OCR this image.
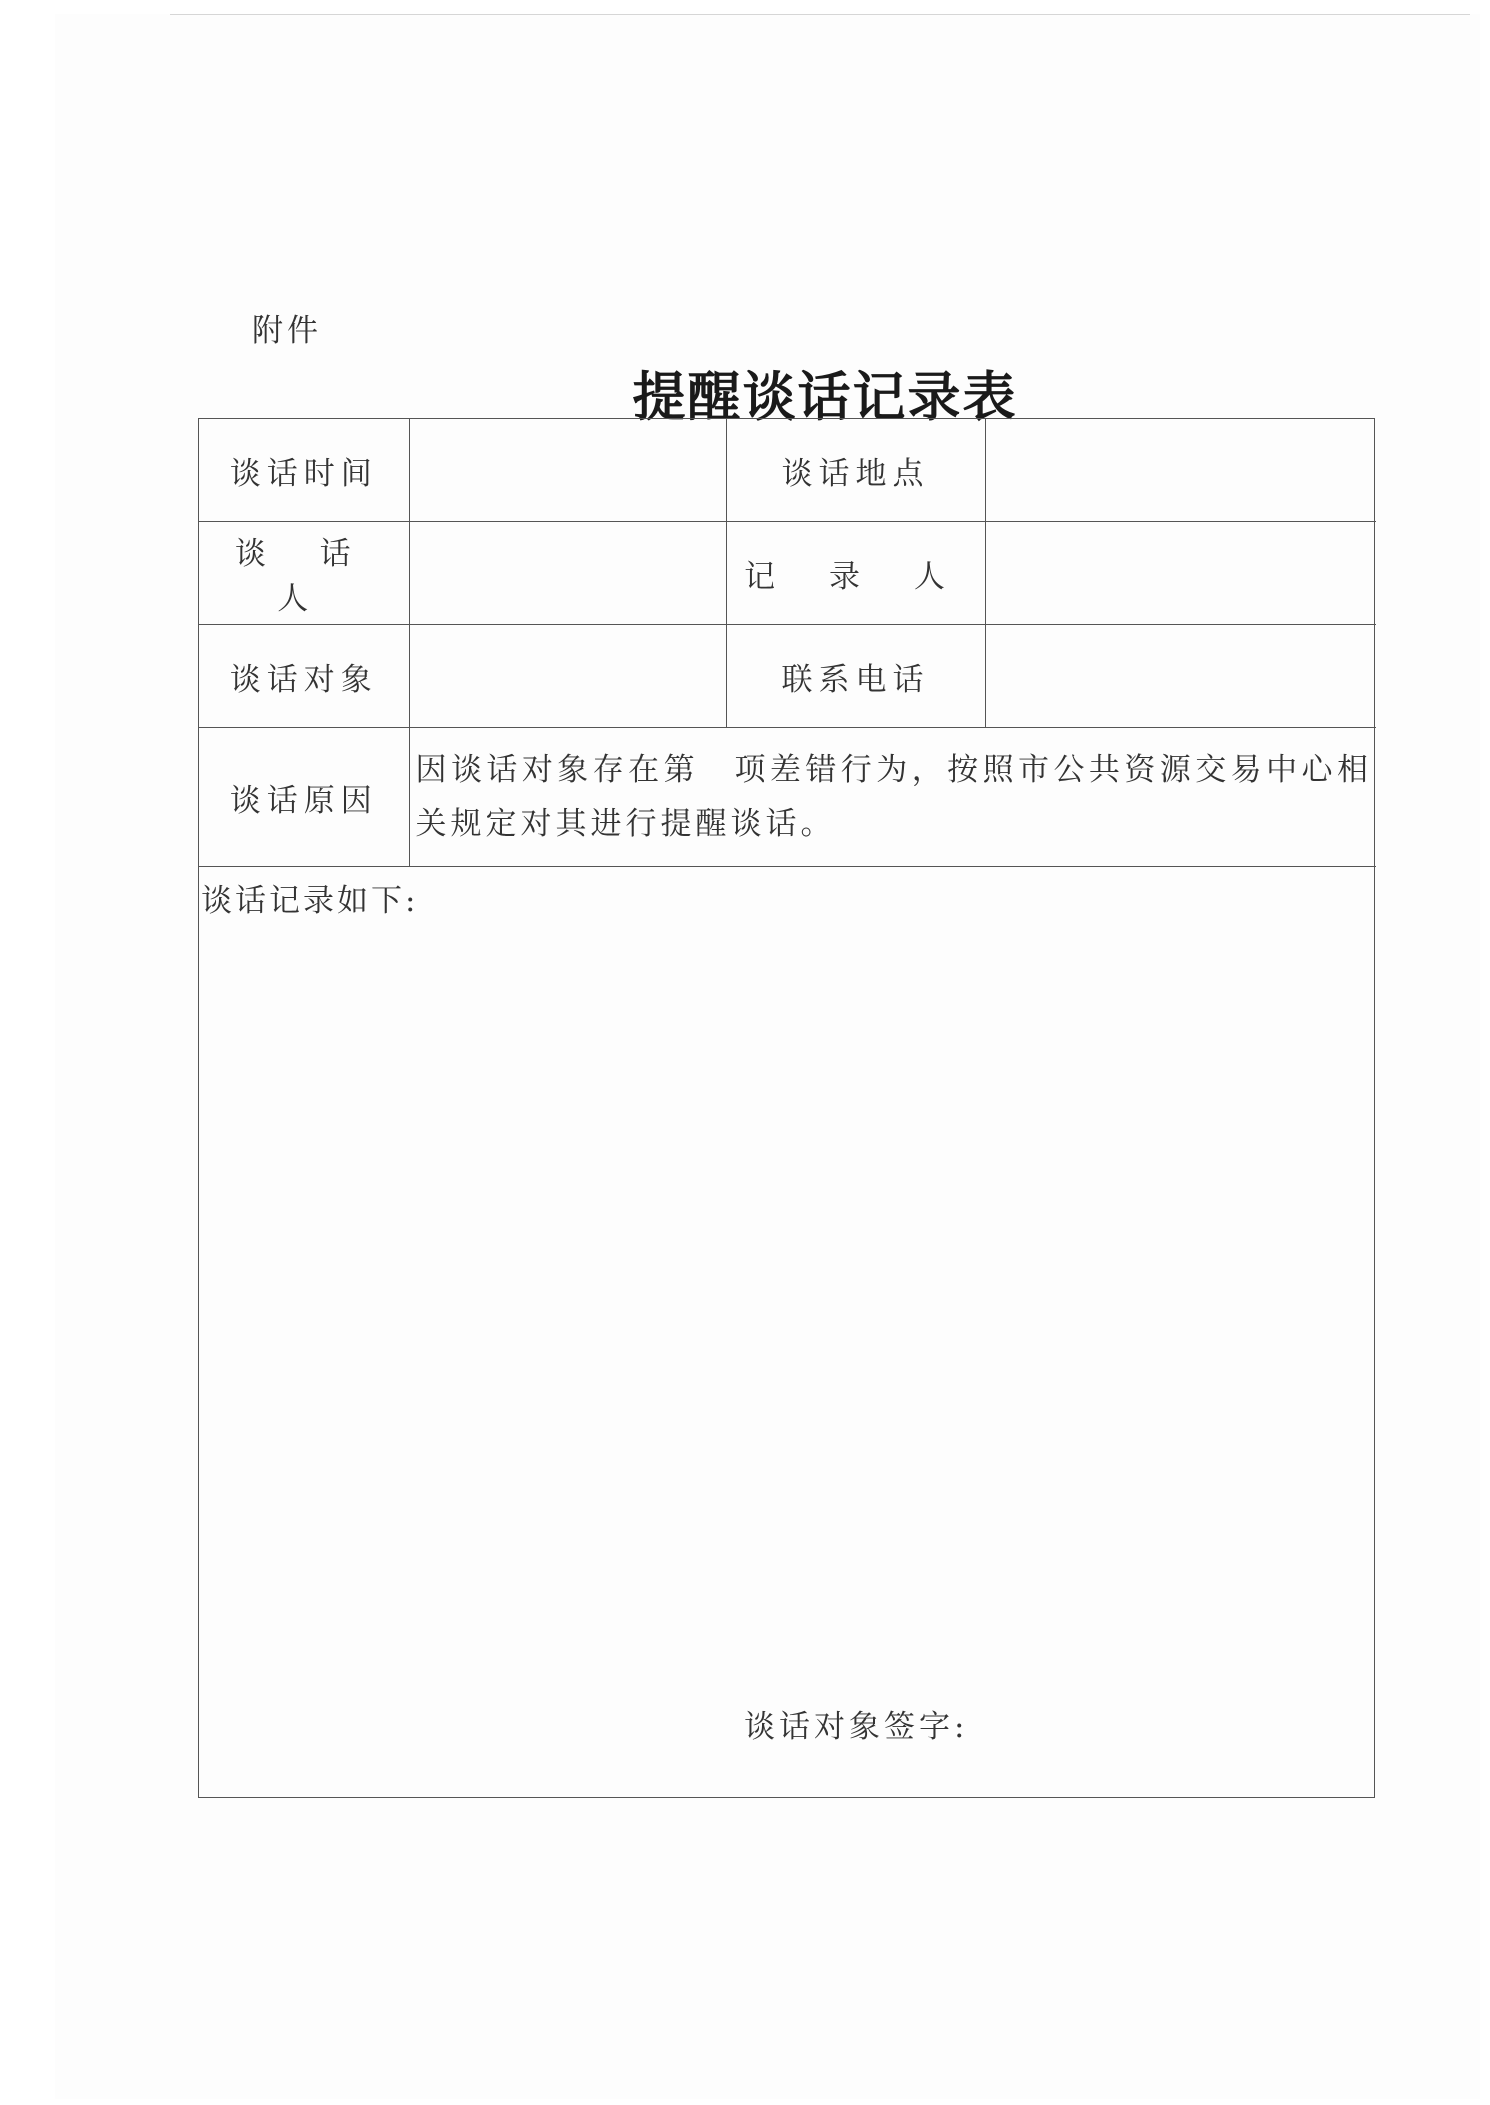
附件
提醒谈话记录表
谈话时间		谈话地点	
谈 话 人		记 录 人	
谈话对象		联系电话	
谈话原因	因谈话对象存在第　项差错行为，按照市公共资源交易中心相关规定对其进行提醒谈话。		
谈话记录如下:
谈话对象签字:
